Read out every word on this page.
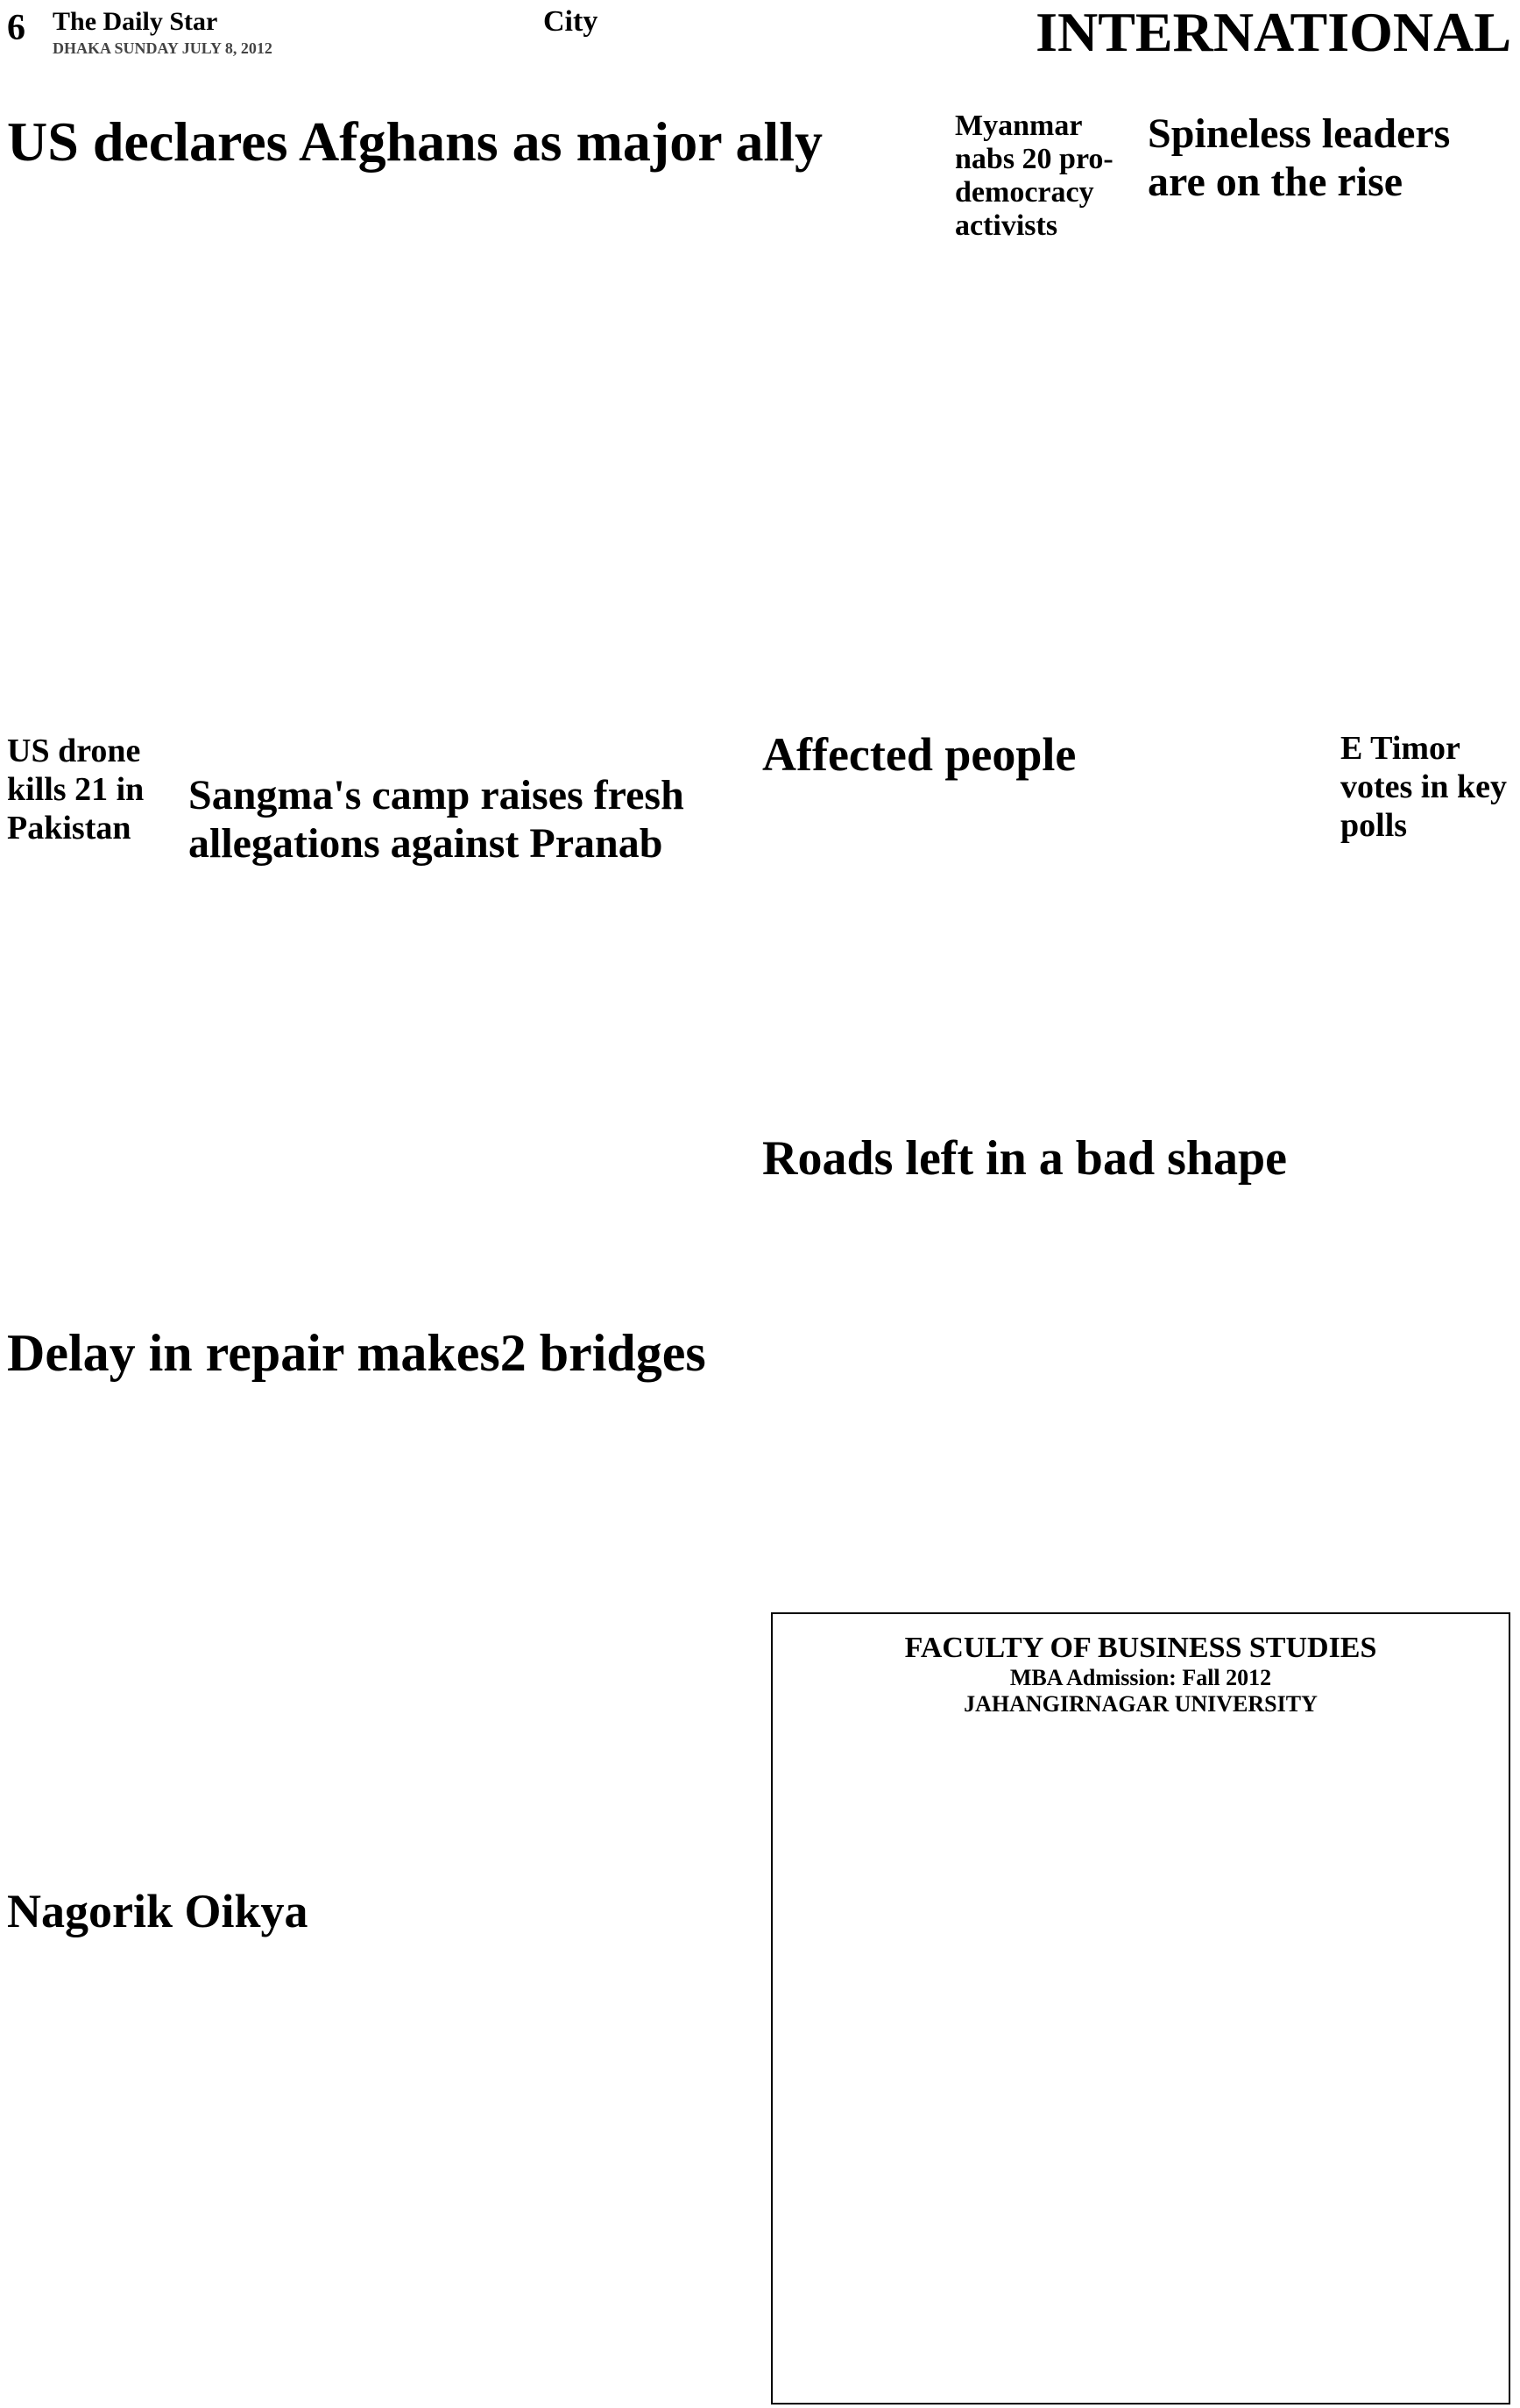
6 The Daily Star
DHAKA SUNDAY JULY 8, 2012
City	INTERNATIONAL
US declares Afghans as major ally	Myanmar nabs 20 pro-democracy activists
Spineless leaders are on the rise
US drone kills 21 in Pakistan
Sangma's camp raises fresh allegations against Pranab
Affected people	E Timor votes in key polls
Roads left in a bad shape
Delay in repair makes2 bridges
Nagorik Oikya
FACULTY OF BUSINESS STUDIES
MBA Admission: Fall 2012
JAHANGIRNAGAR UNIVERSITY
